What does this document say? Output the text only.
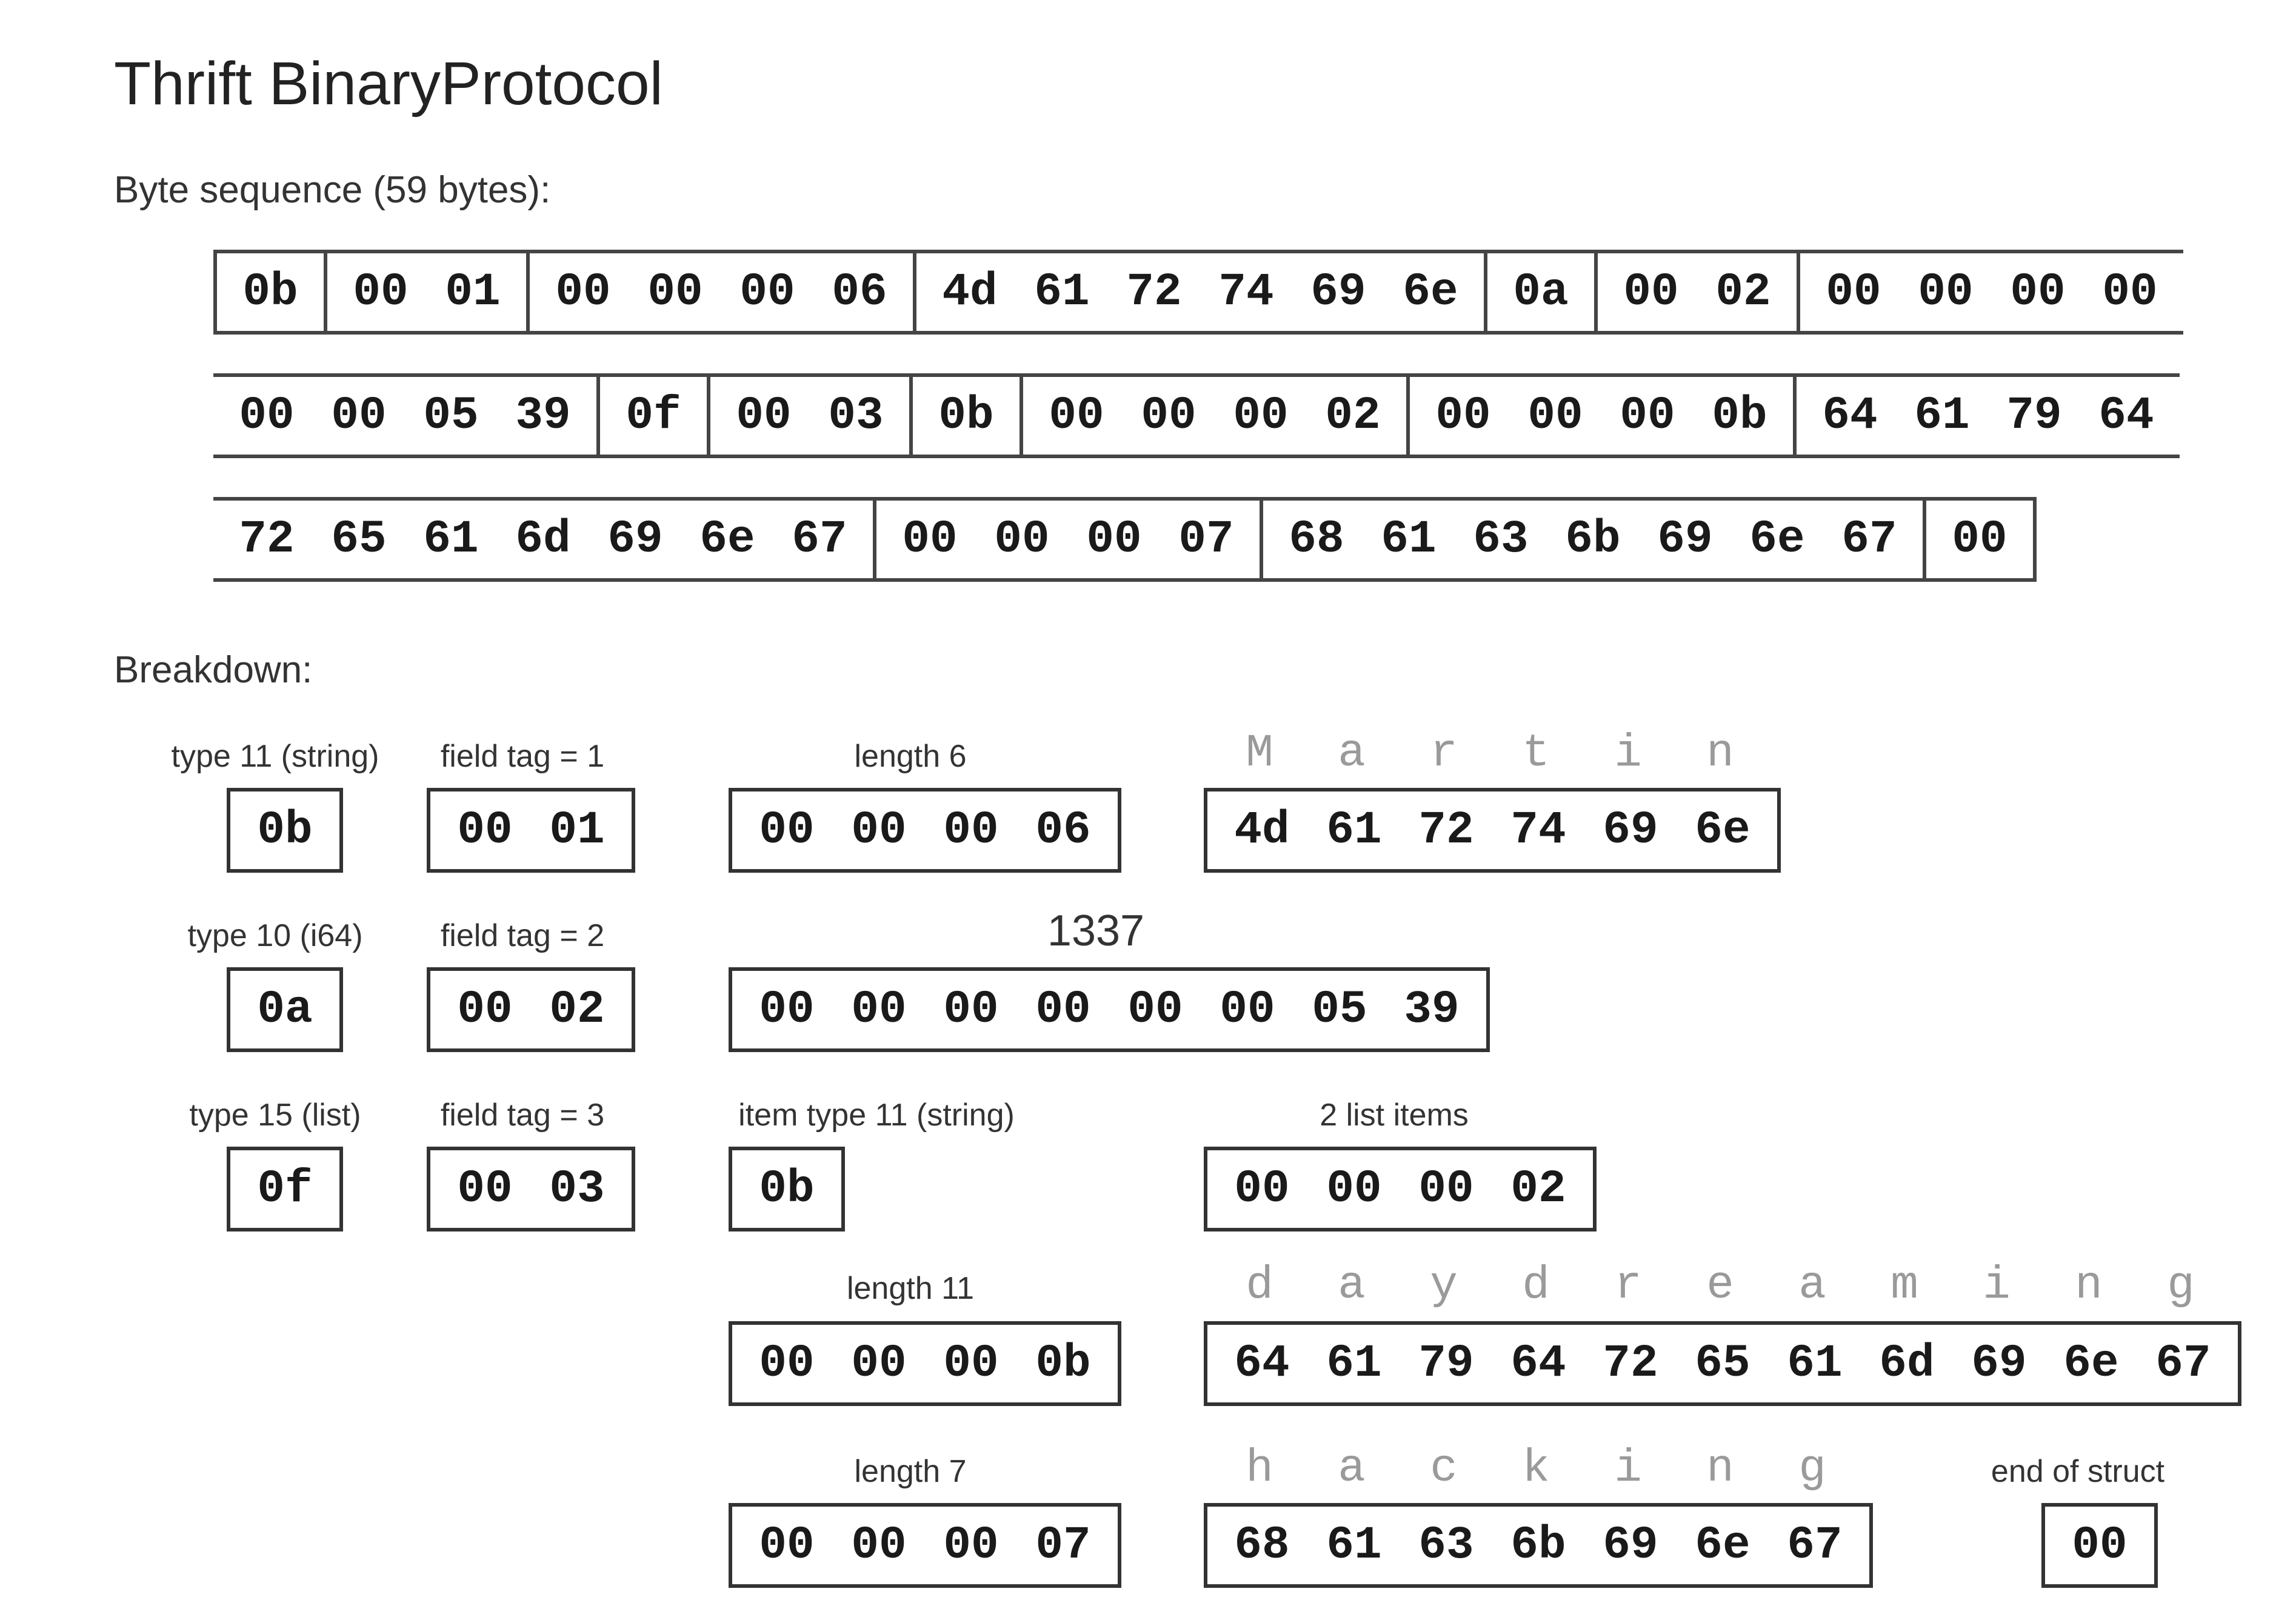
Thrift BinaryProtocol
Byte sequence (59 bytes):
0b	00 01	00 00 00 06	4d 61 72 74 69 6e	0a	00 02	00 00 00 00
00 00 05 39	0f	00 03	0b	00 00 00 02	00 00 00 0b	64 61 79 64
72 65 61 6d 69 6e 67	00 00 00 07	68 61 63 6b 69 6e 67	00
Breakdown:
type 11 (string)
0b
field tag = 1
00 01
length 6
00 00 00 06
M	a	r	t	i	n
4d 61 72 74 69 6e
type 10 (i64)
0a
field tag = 2
00 02
1337
00 00 00 00 00 00 05 39
type 15 (list)
0f
field tag = 3
00 03
item type 11 (string)
0b
2 list items
00 00 00 02
length 11
00 00 00 0b
d	a	y	d	r	e	a	m	i	n	g
64 61 79 64 72 65 61 6d 69 6e 67
length 7
00 00 00 07
h	a	c	k	i	n	g
68 61 63 6b 69 6e 67
end of struct
00
